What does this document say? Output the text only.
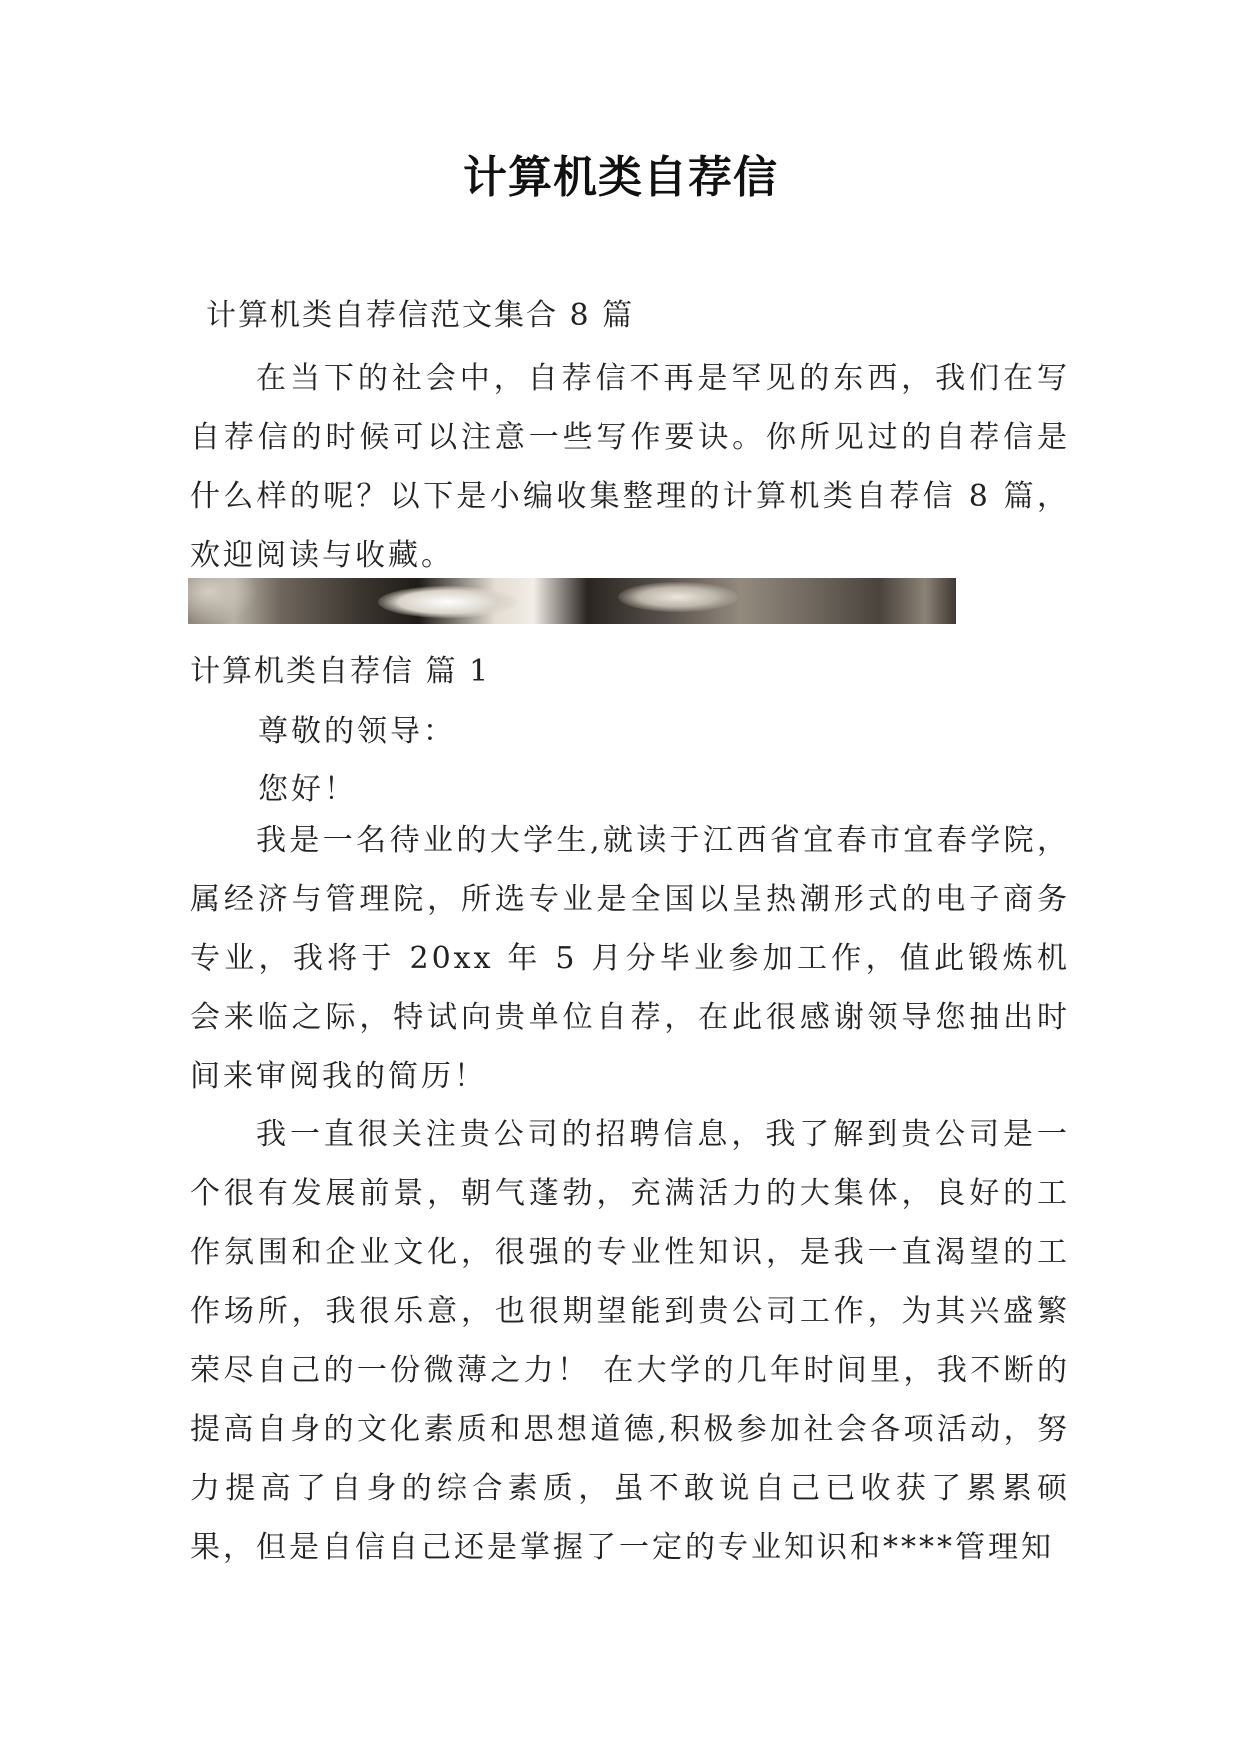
计算机类自荐信
计算机类自荐信范文集合 8 篇
在当下的社会中，自荐信不再是罕见的东西，我们在写自荐信的时候可以注意一些写作要诀。你所见过的自荐信是什么样的呢？以下是小编收集整理的计算机类自荐信 8 篇，欢迎阅读与收藏。
计算机类自荐信 篇 1
尊敬的领导：
您好！
我是一名待业的大学生,就读于江西省宜春市宜春学院，属经济与管理院，所选专业是全国以呈热潮形式的电子商务专业，我将于 20xx 年 5 月分毕业参加工作，值此锻炼机会来临之际，特试向贵单位自荐，在此很感谢领导您抽出时间来审阅我的简历！
我一直很关注贵公司的招聘信息，我了解到贵公司是一个很有发展前景，朝气蓬勃，充满活力的大集体，良好的工作氛围和企业文化，很强的专业性知识，是我一直渴望的工作场所，我很乐意，也很期望能到贵公司工作，为其兴盛繁荣尽自己的一份微薄之力！ 在大学的几年时间里，我不断的提高自身的文化素质和思想道德,积极参加社会各项活动，努力提高了自身的综合素质，虽不敢说自己已收获了累累硕果，但是自信自己还是掌握了一定的专业知识和****管理知
